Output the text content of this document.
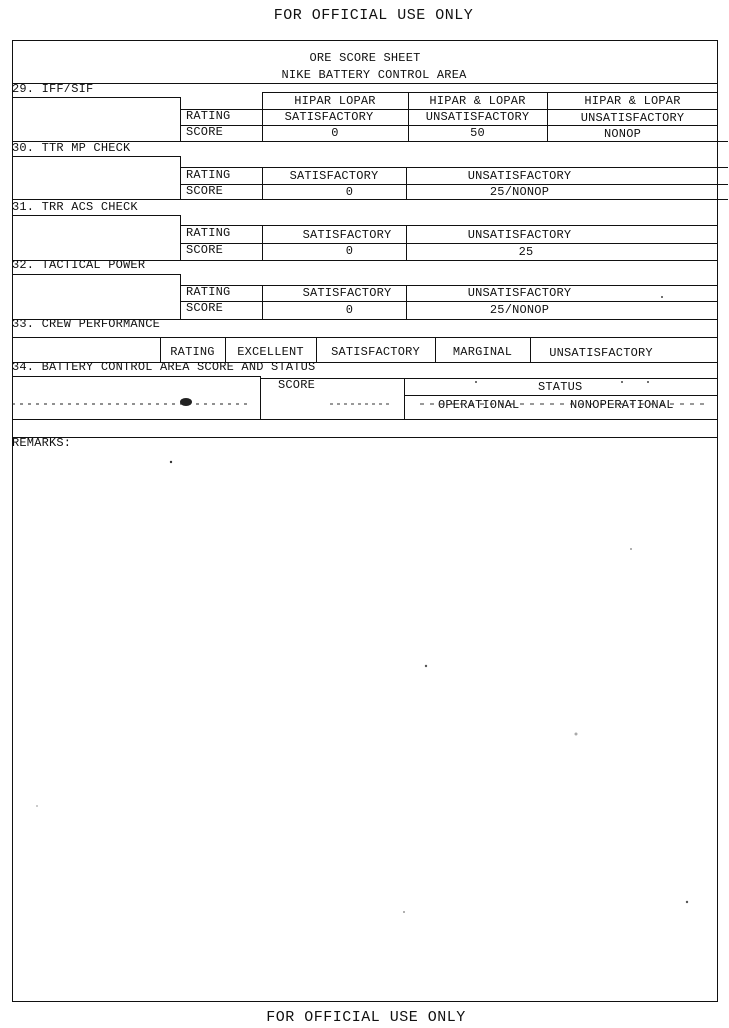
FOR OFFICIAL USE ONLY
FOR OFFICIAL USE ONLY
ORE SCORE SHEET
NIKE BATTERY CONTROL AREA
29. IFF/SIF
HIPAR LOPAR	HIPAR & LOPAR	HIPAR & LOPAR
RATING	SATISFACTORY	UNSATISFACTORY	UNSATISFACTORY
SCORE	0	50	NONOP
30. TTR MP CHECK
RATING	SATISFACTORY	UNSATISFACTORY
SCORE	0	25/NONOP
31. TRR ACS CHECK
RATING	SATISFACTORY	UNSATISFACTORY
SCORE	0	25
32. TACTICAL POWER
RATING	SATISFACTORY	UNSATISFACTORY
SCORE	0	25/NONOP
33. CREW PERFORMANCE
RATING	EXCELLENT	SATISFACTORY	MARGINAL	UNSATISFACTORY
34. BATTERY CONTROL AREA SCORE AND STATUS
SCORE	STATUS
OPERATIONAL	NONOPERATIONAL
REMARKS:
